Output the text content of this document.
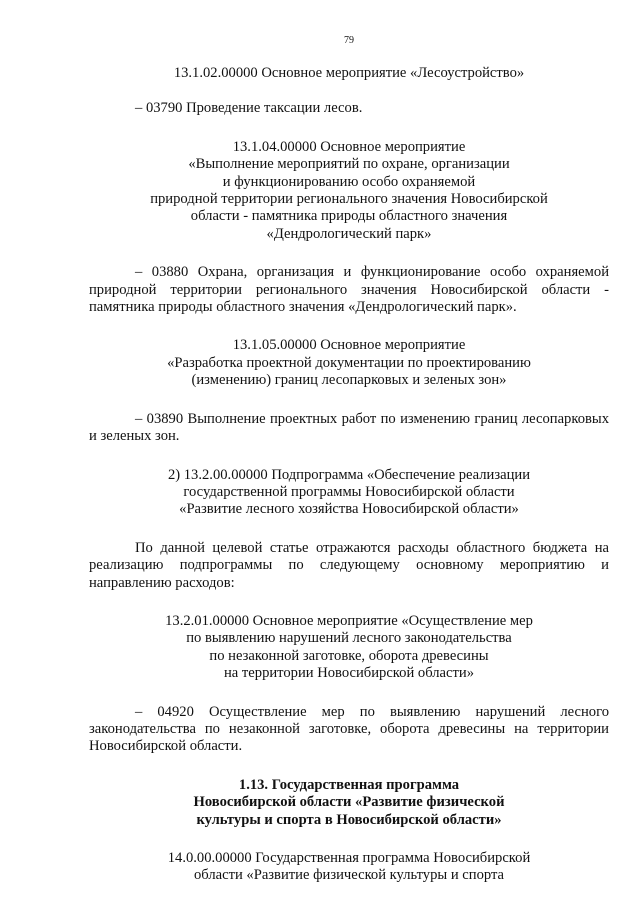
79
13.1.02.00000 Основное мероприятие «Лесоустройство»

– 03790 Проведение таксации лесов.

13.1.04.00000 Основное мероприятие
«Выполнение мероприятий по охране, организации
и функционированию особо охраняемой
природной территории регионального значения Новосибирской
области - памятника природы областного значения
«Дендрологический парк»

– 03880 Охрана, организация и функционирование особо охраняемой природной территории регионального значения Новосибирской области - памятника природы областного значения «Дендрологический парк».

13.1.05.00000 Основное мероприятие
«Разработка проектной документации по проектированию
(изменению) границ лесопарковых и зеленых зон»

– 03890 Выполнение проектных работ по изменению границ лесопарковых и зеленых зон.

2) 13.2.00.00000 Подпрограмма «Обеспечение реализации
государственной программы Новосибирской области
«Развитие лесного хозяйства Новосибирской области»

По данной целевой статье отражаются расходы областного бюджета на реализацию подпрограммы по следующему основному мероприятию и направлению расходов:

13.2.01.00000 Основное мероприятие «Осуществление мер
по выявлению нарушений лесного законодательства
по незаконной заготовке, оборота древесины
на территории Новосибирской области»

– 04920 Осуществление мер по выявлению нарушений лесного законодательства по незаконной заготовке, оборота древесины на территории Новосибирской области.

1.13. Государственная программа
Новосибирской области «Развитие физической
культуры и спорта в Новосибирской области»
14.0.00.00000 Государственная программа Новосибирской
области «Развитие физической культуры и спорта
